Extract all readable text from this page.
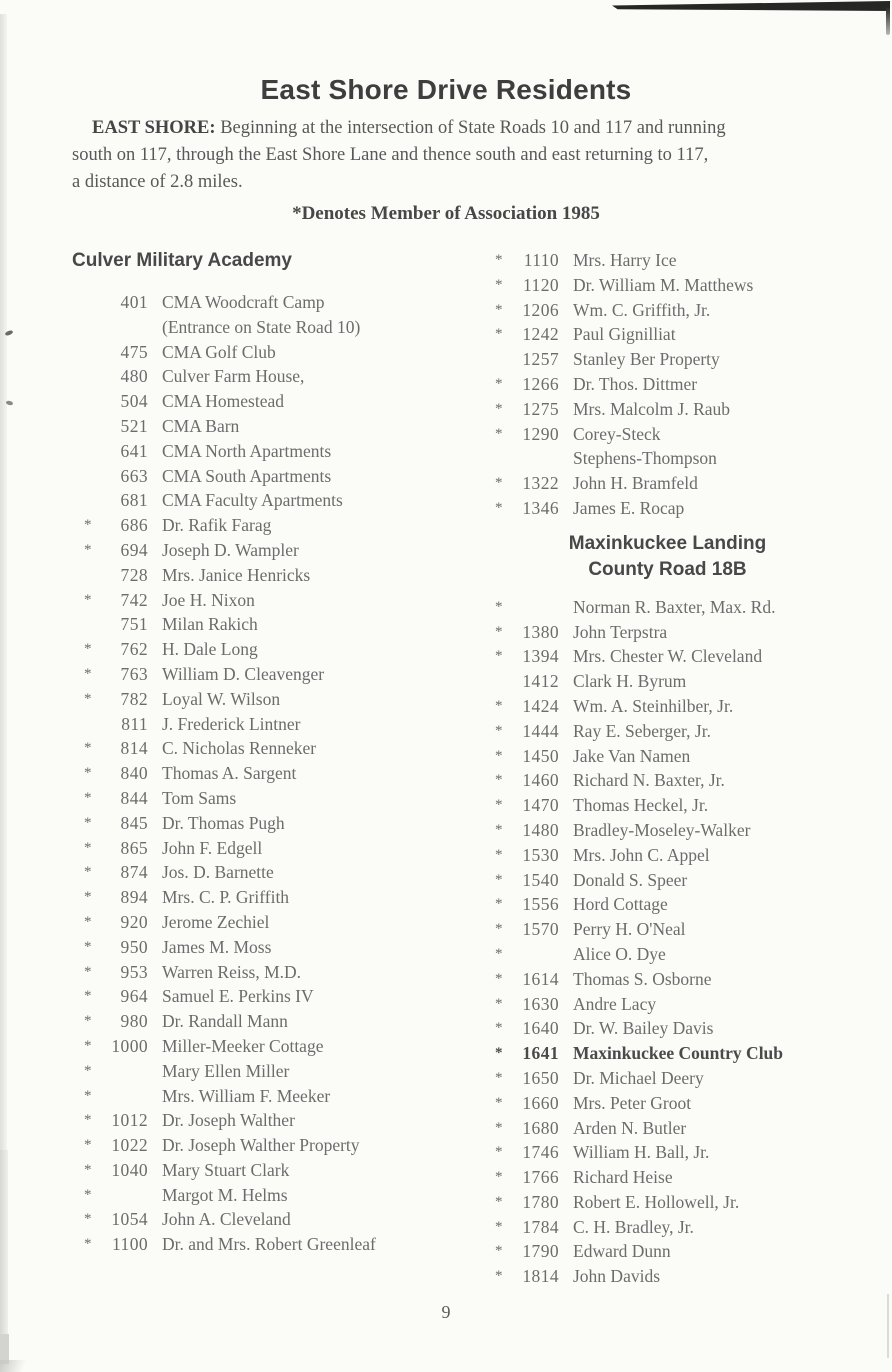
East Shore Drive Residents

EAST SHORE: Beginning at the intersection of State Roads 10 and 117 and running
south on 117, through the East Shore Lane and thence south and east returning to 117,
a distance of 2.8 miles.

*Denotes Member of Association 1985
Culver Military Academy
401 CMA Woodcraft Camp
(Entrance on State Road 10)
475 CMA Golf Club
480 Culver Farm House,
504 CMA Homestead
521 CMA Barn
641 CMA North Apartments
663 CMA South Apartments
681 CMA Faculty Apartments
*	686 Dr. Rafik Farag
*	694 Joseph D. Wampler
728 Mrs. Janice Henricks
*	742 Joe H. Nixon
751 Milan Rakich
*	762 H. Dale Long
*	763 William D. Cleavenger
*	782 Loyal W. Wilson
811 J. Frederick Lintner
*	814 C. Nicholas Renneker
*	840 Thomas A. Sargent
*	844 Tom Sams
*	845 Dr. Thomas Pugh
*	865 John F. Edgell
*	874 Jos. D. Barnette
*	894 Mrs. C. P. Griffith
*	920 Jerome Zechiel
*	950 James M. Moss
*	953 Warren Reiss, M.D.
*	964 Samuel E. Perkins IV
*	980 Dr. Randall Mann
*	1000 Miller-Meeker Cottage
*	Mary Ellen Miller
*	Mrs. William F. Meeker
*	1012 Dr. Joseph Walther
*	1022 Dr. Joseph Walther Property
*	1040 Mary Stuart Clark
*	Margot M. Helms
*	1054 John A. Cleveland
*	1100 Dr. and Mrs. Robert Greenleaf
*	1110 Mrs. Harry Ice
*	1120 Dr. William M. Matthews
*	1206 Wm. C. Griffith, Jr.
*	1242 Paul Gignilliat
1257 Stanley Ber Property
*	1266 Dr. Thos. Dittmer
*	1275 Mrs. Malcolm J. Raub
*	1290 Corey-Steck
Stephens-Thompson
*	1322 John H. Bramfeld
*	1346 James E. Rocap
Maxinkuckee Landing
County Road 18B
*	Norman R. Baxter, Max. Rd.
*	1380 John Terpstra
*	1394 Mrs. Chester W. Cleveland
1412 Clark H. Byrum
*	1424 Wm. A. Steinhilber, Jr.
*	1444 Ray E. Seberger, Jr.
*	1450 Jake Van Namen
*	1460 Richard N. Baxter, Jr.
*	1470 Thomas Heckel, Jr.
*	1480 Bradley-Moseley-Walker
*	1530 Mrs. John C. Appel
*	1540 Donald S. Speer
*	1556 Hord Cottage
*	1570 Perry H. O'Neal
*	Alice O. Dye
*	1614 Thomas S. Osborne
*	1630 Andre Lacy
*	1640 Dr. W. Bailey Davis
*	1641 Maxinkuckee Country Club
*	1650 Dr. Michael Deery
*	1660 Mrs. Peter Groot
*	1680 Arden N. Butler
*	1746 William H. Ball, Jr.
*	1766 Richard Heise
*	1780 Robert E. Hollowell, Jr.
*	1784 C. H. Bradley, Jr.
*	1790 Edward Dunn
*	1814 John Davids
9
